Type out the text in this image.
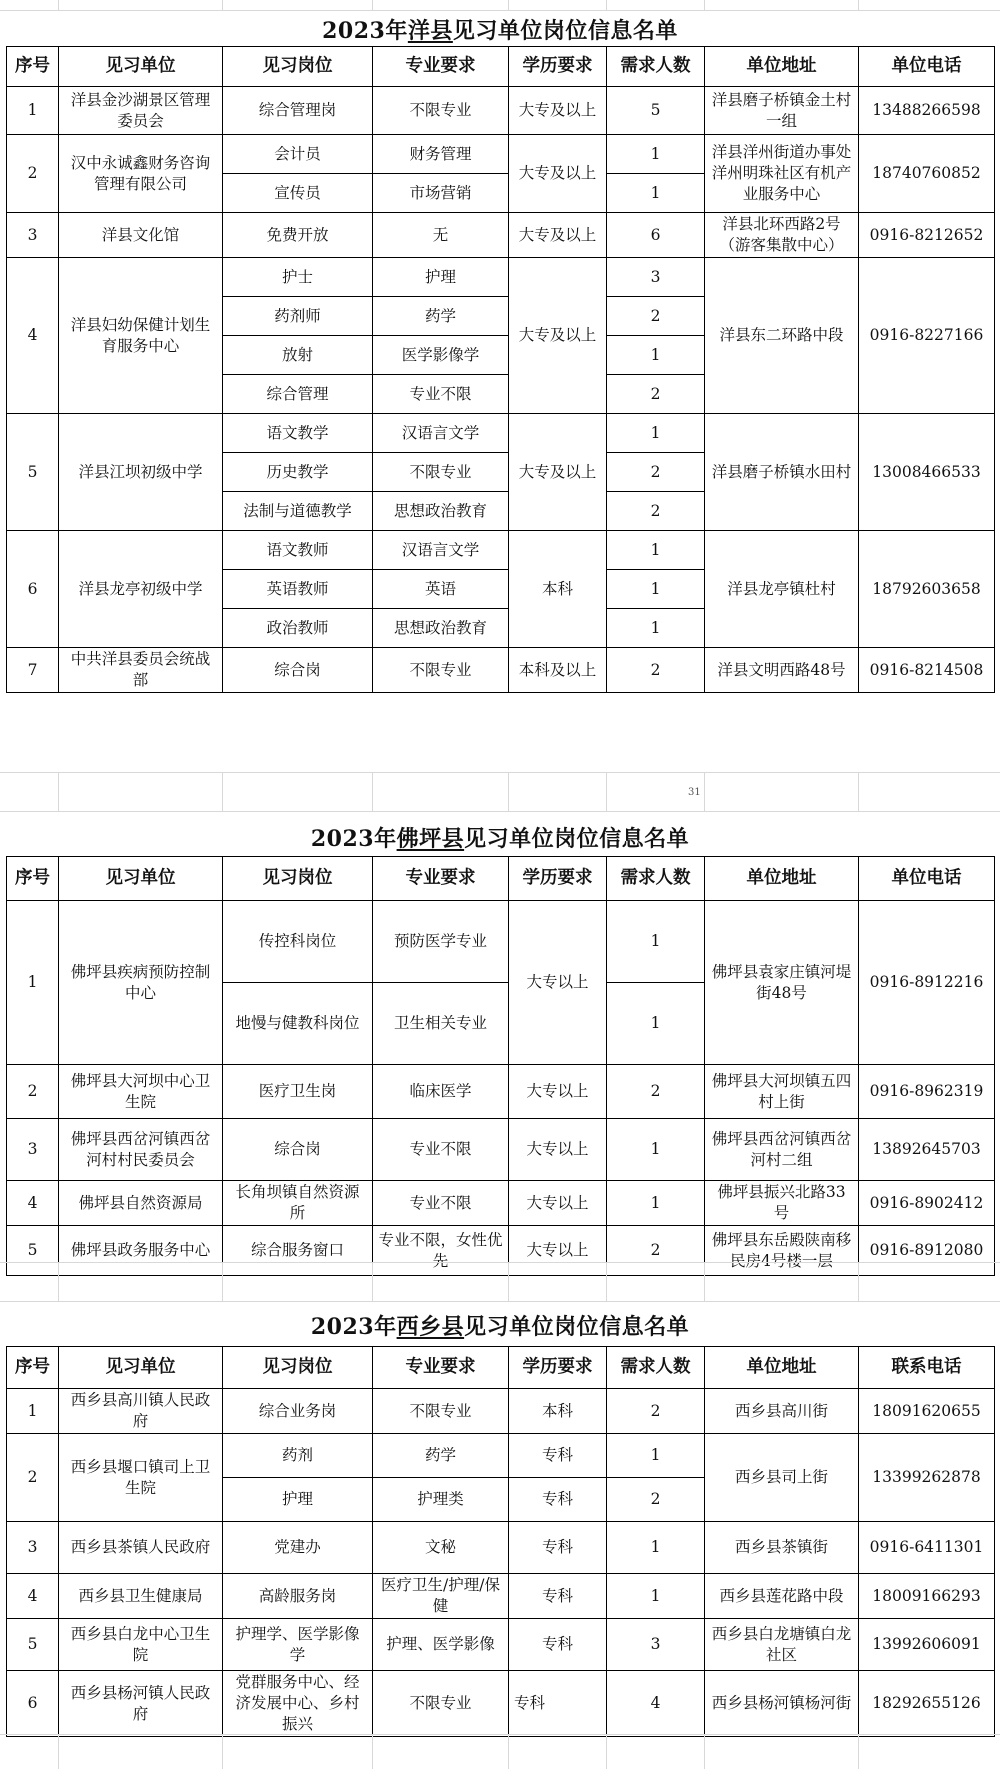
2023年洋县见习单位岗位信息名单
序号	见习单位	见习岗位	专业要求	学历要求	需求人数	单位地址	单位电话
1	洋县金沙湖景区管理委员会	综合管理岗	不限专业	大专及以上	5	洋县磨子桥镇金土村一组	13488266598
2	汉中永诚鑫财务咨询管理有限公司	会计员	财务管理	大专及以上	1	洋县洋州街道办事处洋州明珠社区有机产业服务中心	18740760852
		宣传员	市场营销		1		
3	洋县文化馆	免费开放	无	大专及以上	6	洋县北环西路2号（游客集散中心）	0916-8212652
4	洋县妇幼保健计划生育服务中心	护士	护理	大专及以上	3	洋县东二环路中段	0916-8227166
		药剂师	药学		2		
		放射	医学影像学		1		
		综合管理	专业不限		2		
5	洋县江坝初级中学	语文教学	汉语言文学	大专及以上	1	洋县磨子桥镇水田村	13008466533
		历史教学	不限专业		2		
		法制与道德教学	思想政治教育		2		
6	洋县龙亭初级中学	语文教师	汉语言文学	本科	1	洋县龙亭镇杜村	18792603658
		英语教师	英语		1		
		政治教师	思想政治教育		1		
7	中共洋县委员会统战部	综合岗	不限专业	本科及以上	2	洋县文明西路48号	0916-8214508
31
2023年佛坪县见习单位岗位信息名单
序号	见习单位	见习岗位	专业要求	学历要求	需求人数	单位地址	单位电话
1	佛坪县疾病预防控制中心	传控科岗位	预防医学专业	大专以上	1	佛坪县袁家庄镇河堤街48号	0916-8912216
		地慢与健教科岗位	卫生相关专业		1		
2	佛坪县大河坝中心卫生院	医疗卫生岗	临床医学	大专以上	2	佛坪县大河坝镇五四村上街	0916-8962319
3	佛坪县西岔河镇西岔河村村民委员会	综合岗	专业不限	大专以上	1	佛坪县西岔河镇西岔河村二组	13892645703
4	佛坪县自然资源局	长角坝镇自然资源所	专业不限	大专以上	1	佛坪县振兴北路33号	0916-8902412
5	佛坪县政务服务中心	综合服务窗口	专业不限，女性优先	大专以上	2	佛坪县东岳殿陕南移民房4号楼一层	0916-8912080
2023年西乡县见习单位岗位信息名单
序号	见习单位	见习岗位	专业要求	学历要求	需求人数	单位地址	联系电话
1	西乡县高川镇人民政府	综合业务岗	不限专业	本科	2	西乡县高川街	18091620655
2	西乡县堰口镇司上卫生院	药剂	药学	专科	1	西乡县司上街	13399262878
		护理	护理类	专科	2		
3	西乡县茶镇人民政府	党建办	文秘	专科	1	西乡县茶镇街	0916-6411301
4	西乡县卫生健康局	高龄服务岗	医疗卫生/护理/保健	专科	1	西乡县莲花路中段	18009166293
5	西乡县白龙中心卫生院	护理学、医学影像学	护理、医学影像	专科	3	西乡县白龙塘镇白龙社区	13992606091
6	西乡县杨河镇人民政府	党群服务中心、经济发展中心、乡村振兴	不限专业	专科	4	西乡县杨河镇杨河街	18292655126
